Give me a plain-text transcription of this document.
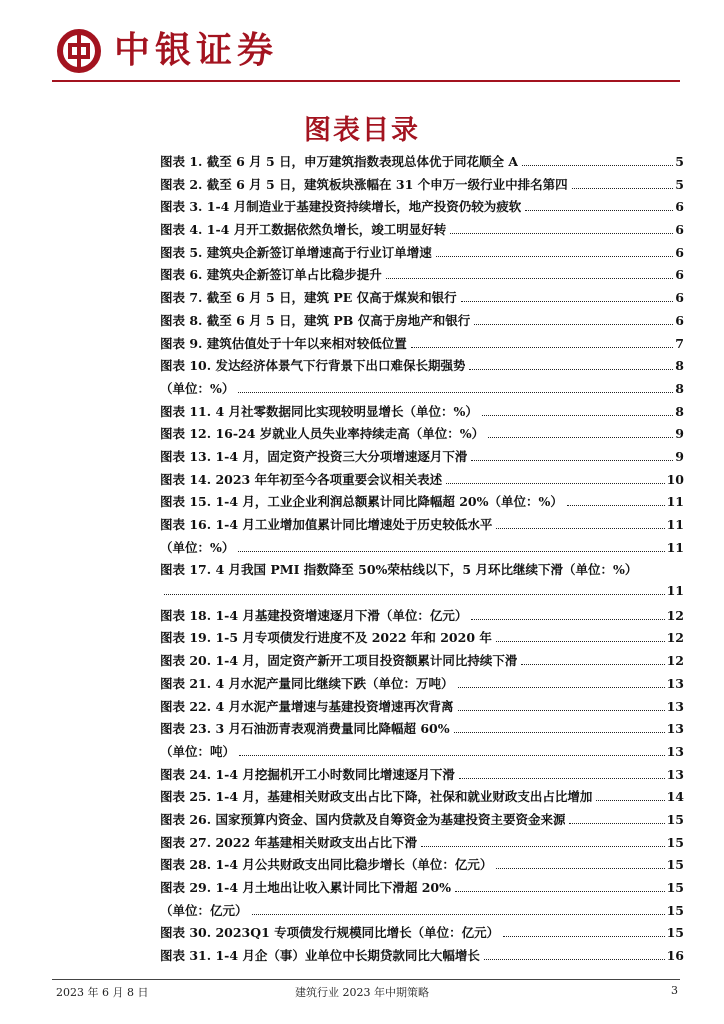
中银证券
图表目录
图表 1. 截至 6 月 5 日，申万建筑指数表现总体优于同花顺全 A	5
图表 2. 截至 6 月 5 日，建筑板块涨幅在 31 个申万一级行业中排名第四	5
图表 3. 1-4 月制造业于基建投资持续增长，地产投资仍较为疲软	6
图表 4. 1-4 月开工数据依然负增长，竣工明显好转	6
图表 5. 建筑央企新签订单增速高于行业订单增速	6
图表 6. 建筑央企新签订单占比稳步提升	6
图表 7. 截至 6 月 5 日，建筑 PE 仅高于煤炭和银行	6
图表 8. 截至 6 月 5 日，建筑 PB 仅高于房地产和银行	6
图表 9. 建筑估值处于十年以来相对较低位置	7
图表 10. 发达经济体景气下行背景下出口难保长期强势	8
（单位：%）	8
图表 11. 4 月社零数据同比实现较明显增长（单位：%）	8
图表 12. 16-24 岁就业人员失业率持续走高（单位：%）	9
图表 13. 1-4 月，固定资产投资三大分项增速逐月下滑	9
图表 14. 2023 年年初至今各项重要会议相关表述	10
图表 15. 1-4 月，工业企业利润总额累计同比降幅超 20%（单位：%）	11
图表 16. 1-4 月工业增加值累计同比增速处于历史较低水平	11
（单位：%）	11
图表 17. 4 月我国 PMI 指数降至 50%荣枯线以下，5 月环比继续下滑（单位：%）
11
图表 18. 1-4 月基建投资增速逐月下滑（单位：亿元）	12
图表 19. 1-5 月专项债发行进度不及 2022 年和 2020 年	12
图表 20. 1-4 月，固定资产新开工项目投资额累计同比持续下滑	12
图表 21. 4 月水泥产量同比继续下跌（单位：万吨）	13
图表 22. 4 月水泥产量增速与基建投资增速再次背离	13
图表 23. 3 月石油沥青表观消费量同比降幅超 60%	13
（单位：吨）	13
图表 24. 1-4 月挖掘机开工小时数同比增速逐月下滑	13
图表 25. 1-4 月，基建相关财政支出占比下降，社保和就业财政支出占比增加	14
图表 26. 国家预算内资金、国内贷款及自筹资金为基建投资主要资金来源	15
图表 27. 2022 年基建相关财政支出占比下滑	15
图表 28. 1-4 月公共财政支出同比稳步增长（单位：亿元）	15
图表 29. 1-4 月土地出让收入累计同比下滑超 20%	15
（单位：亿元）	15
图表 30. 2023Q1 专项债发行规模同比增长（单位：亿元）	15
图表 31. 1-4 月企（事）业单位中长期贷款同比大幅增长	16
2023 年 6 月 8 日	建筑行业 2023 年中期策略	3
